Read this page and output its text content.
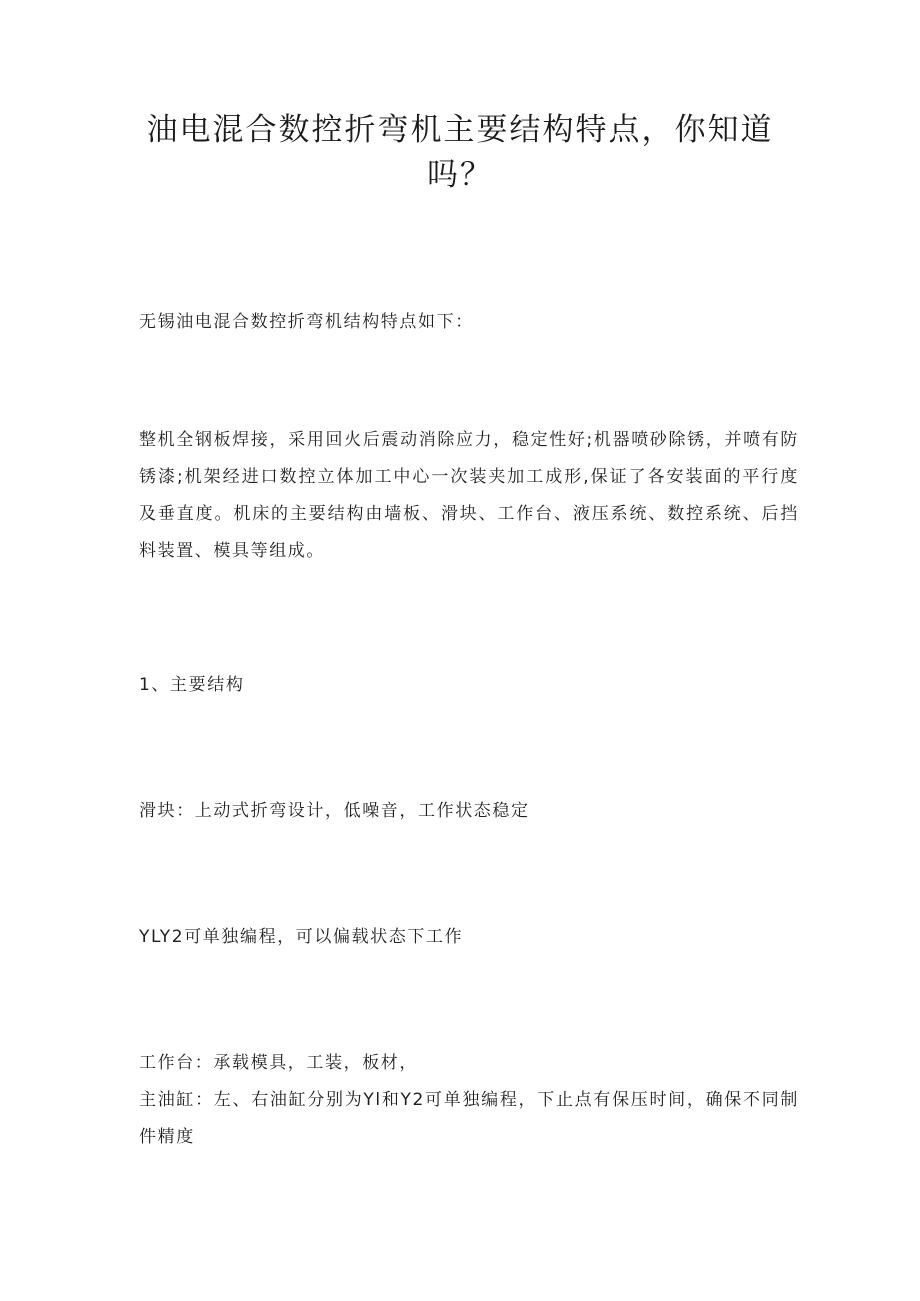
油电混合数控折弯机主要结构特点，你知道吗？

无锡油电混合数控折弯机结构特点如下：

整机全钢板焊接，采用回火后震动消除应力，稳定性好;机器喷砂除锈，并喷有防锈漆;机架经进口数控立体加工中心一次装夹加工成形,保证了各安装面的平行度及垂直度。机床的主要结构由墙板、滑块、工作台、液压系统、数控系统、后挡料装置、模具等组成。

1、主要结构

滑块：上动式折弯设计，低噪音，工作状态稳定

YLY2可单独编程，可以偏载状态下工作

工作台：承载模具，工装，板材，

主油缸：左、右油缸分别为Yl和Y2可单独编程，下止点有保压时间，确保不同制件精度
